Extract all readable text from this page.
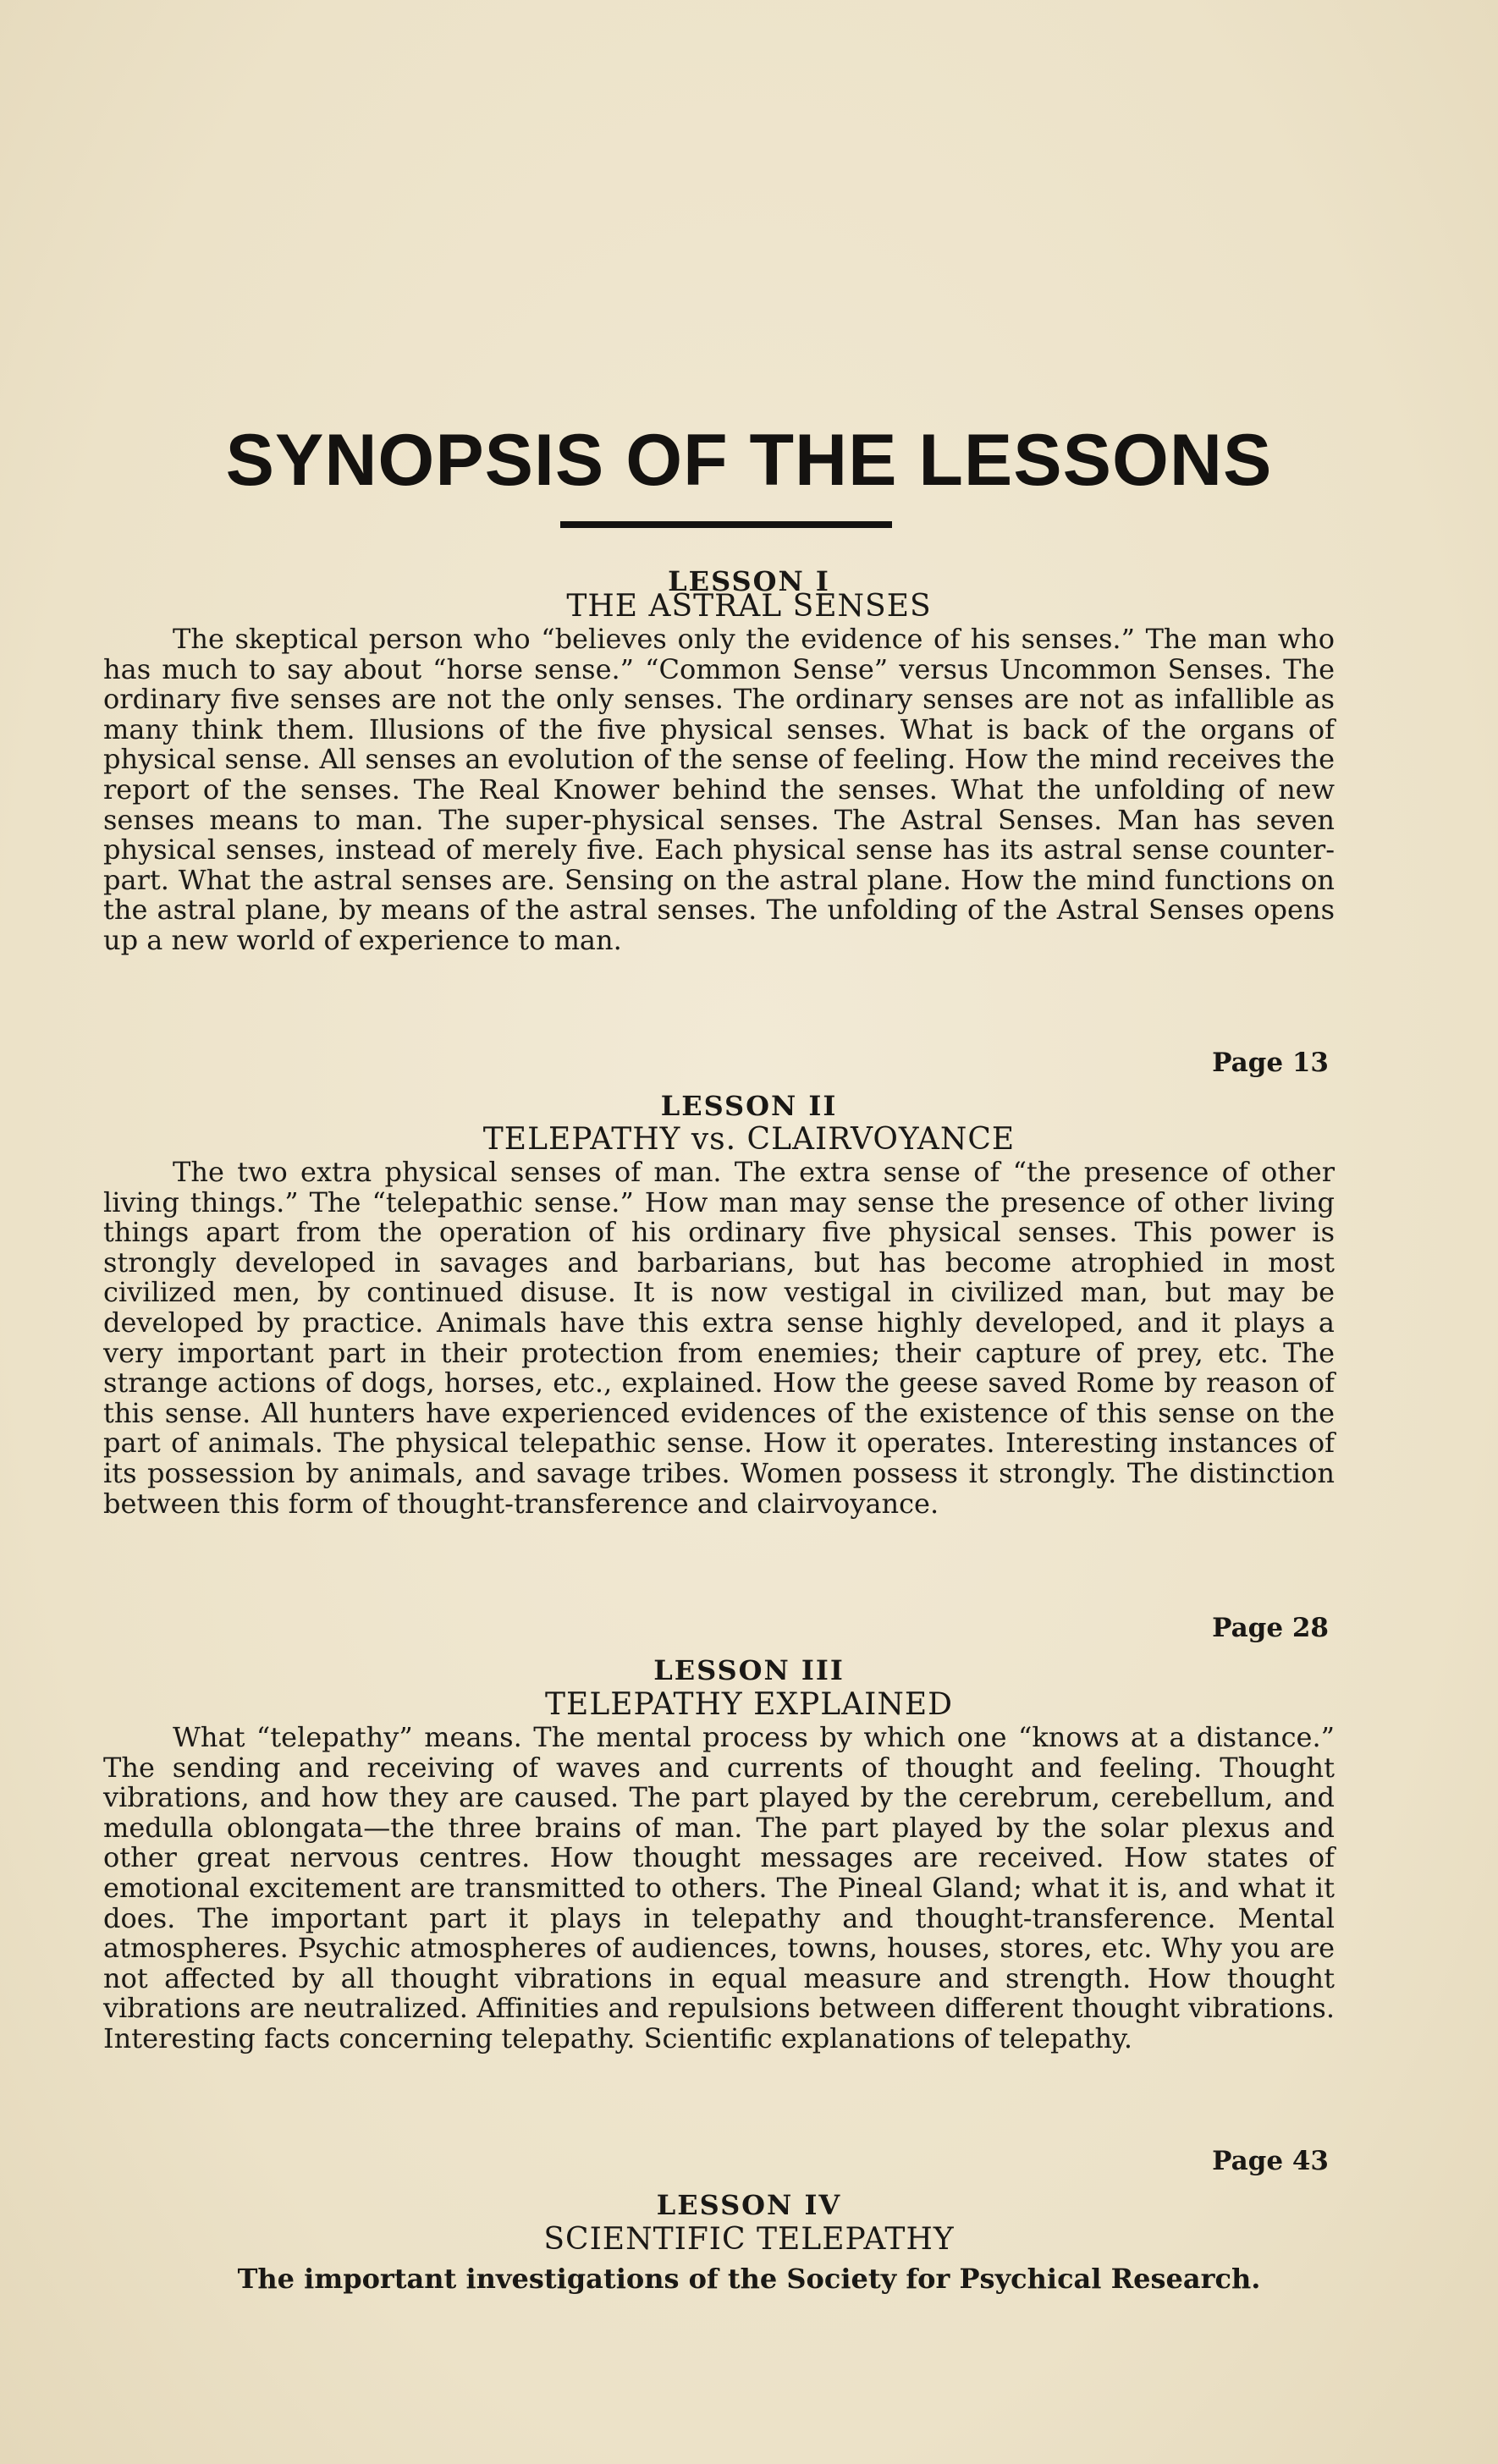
SYNOPSIS OF THE LESSONS

LESSON I

THE ASTRAL SENSES

The skeptical person who “believes only the evidence of his senses.” The man who has much to say about “horse sense.” “Common Sense” versus Uncommon Senses. The ordinary five senses are not the only senses. The ordinary senses are not as infallible as many think them. Illusions of the five physical senses. What is back of the organs of physical sense. All senses an evolution of the sense of feeling. How the mind receives the report of the senses. The Real Knower behind the senses. What the unfolding of new senses means to man. The super-physical senses. The Astral Senses. Man has seven physical senses, instead of merely five. Each physical sense has its astral sense counter-part. What the astral senses are. Sensing on the astral plane. How the mind functions on the astral plane, by means of the astral senses. The unfolding of the Astral Senses opens up a new world of experience to man.

Page 13

LESSON II

TELEPATHY vs. CLAIRVOYANCE

The two extra physical senses of man. The extra sense of “the presence of other living things.” The “telepathic sense.” How man may sense the presence of other living things apart from the operation of his ordinary five physical senses. This power is strongly developed in savages and barbarians, but has become atrophied in most civilized men, by continued disuse. It is now vestigal in civilized man, but may be developed by practice. Animals have this extra sense highly developed, and it plays a very important part in their protection from enemies; their capture of prey, etc. The strange actions of dogs, horses, etc., explained. How the geese saved Rome by reason of this sense. All hunters have experienced evidences of the existence of this sense on the part of animals. The physical telepathic sense. How it operates. Interesting instances of its possession by animals, and savage tribes. Women possess it strongly. The distinction between this form of thought-transference and clairvoyance.

Page 28

LESSON III

TELEPATHY EXPLAINED

What “telepathy” means. The mental process by which one “knows at a distance.” The sending and receiving of waves and currents of thought and feeling. Thought vibrations, and how they are caused. The part played by the cerebrum, cerebellum, and medulla oblongata—the three brains of man. The part played by the solar plexus and other great nervous centres. How thought messages are received. How states of emotional excitement are transmitted to others. The Pineal Gland; what it is, and what it does. The important part it plays in telepathy and thought-transference. Mental atmospheres. Psychic atmospheres of audiences, towns, houses, stores, etc. Why you are not affected by all thought vibrations in equal measure and strength. How thought vibrations are neutralized. Affinities and repulsions between different thought vibrations. Interesting facts concerning telepathy. Scientific explanations of telepathy.

Page 43

LESSON IV

SCIENTIFIC TELEPATHY

The important investigations of the Society for Psychical Research.
